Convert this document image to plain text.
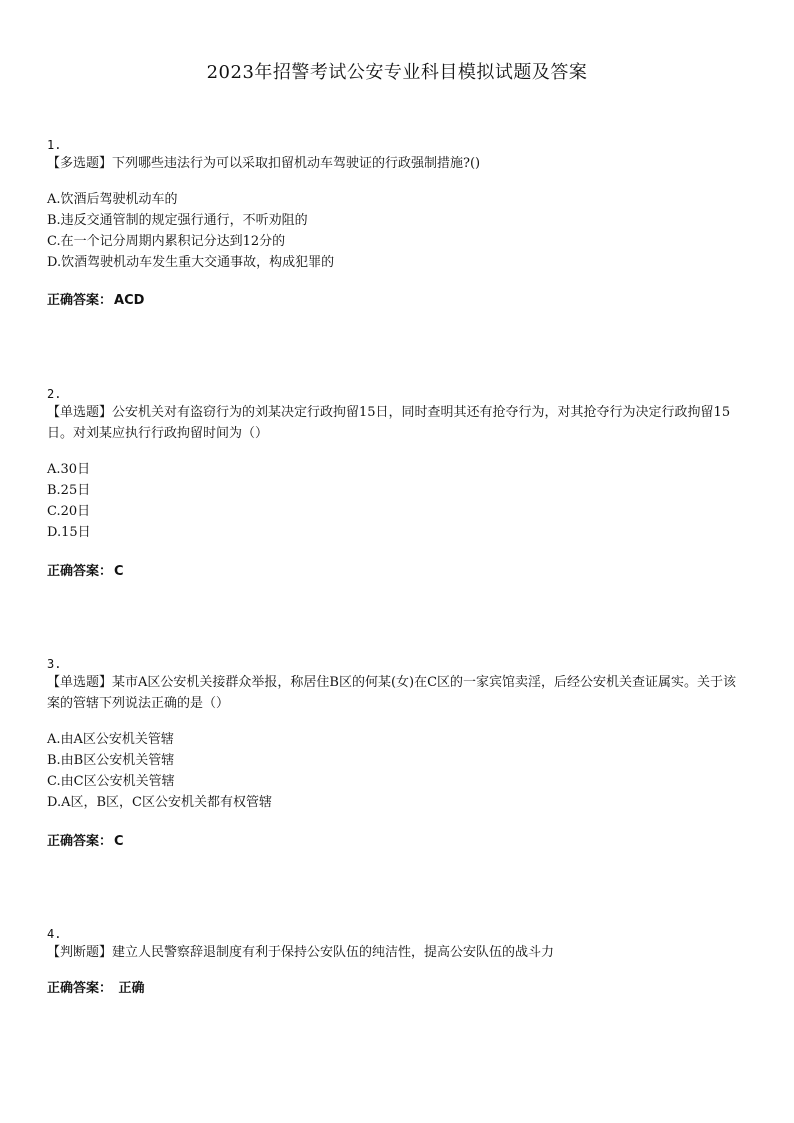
2023年招警考试公安专业科目模拟试题及答案
1.
【多选题】下列哪些违法行为可以采取扣留机动车驾驶证的行政强制措施?()
A.饮酒后驾驶机动车的
B.违反交通管制的规定强行通行，不听劝阻的
C.在一个记分周期内累积记分达到12分的
D.饮酒驾驶机动车发生重大交通事故，构成犯罪的
正确答案： ACD
2.
【单选题】公安机关对有盗窃行为的刘某决定行政拘留15日，同时查明其还有抢夺行为，对其抢夺行为决定行政拘留15日。对刘某应执行行政拘留时间为（）
A.30日
B.25日
C.20日
D.15日
正确答案： C
3.
【单选题】某市A区公安机关接群众举报，称居住B区的何某(女)在C区的一家宾馆卖淫，后经公安机关查证属实。关于该案的管辖下列说法正确的是（）
A.由A区公安机关管辖
B.由B区公安机关管辖
C.由C区公安机关管辖
D.A区，B区，C区公安机关都有权管辖
正确答案： C
4.
【判断题】建立人民警察辞退制度有利于保持公安队伍的纯洁性，提高公安队伍的战斗力
正确答案： 正确
